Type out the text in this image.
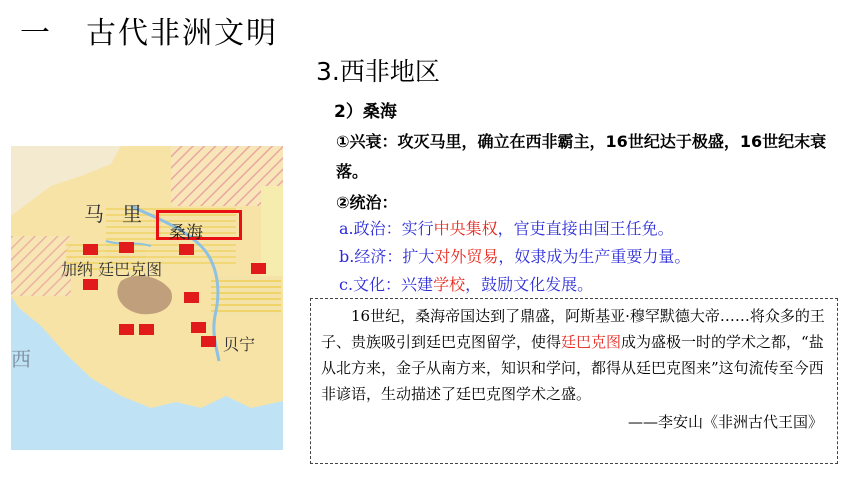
一 古代非洲文明
3.西非地区
2）桑海
①兴衰：攻灭马里，确立在西非霸主，16世纪达于极盛，16世纪末衰落。
②统治：
a.政治：实行中央集权，官吏直接由国王任免。
b.经济：扩大对外贸易，奴隶成为生产重要力量。
c.文化：兴建学校，鼓励文化发展。
16世纪，桑海帝国达到了鼎盛，阿斯基亚·穆罕默德大帝……将众多的王子、贵族吸引到廷巴克图留学，使得廷巴克图成为盛极一时的学术之都，“盐从北方来，金子从南方来，知识和学问，都得从廷巴克图来”这句流传至今西非谚语，生动描述了廷巴克图学术之盛。
——李安山《非洲古代王国》
马里
桑海
加纳 廷巴克图
贝宁
西
